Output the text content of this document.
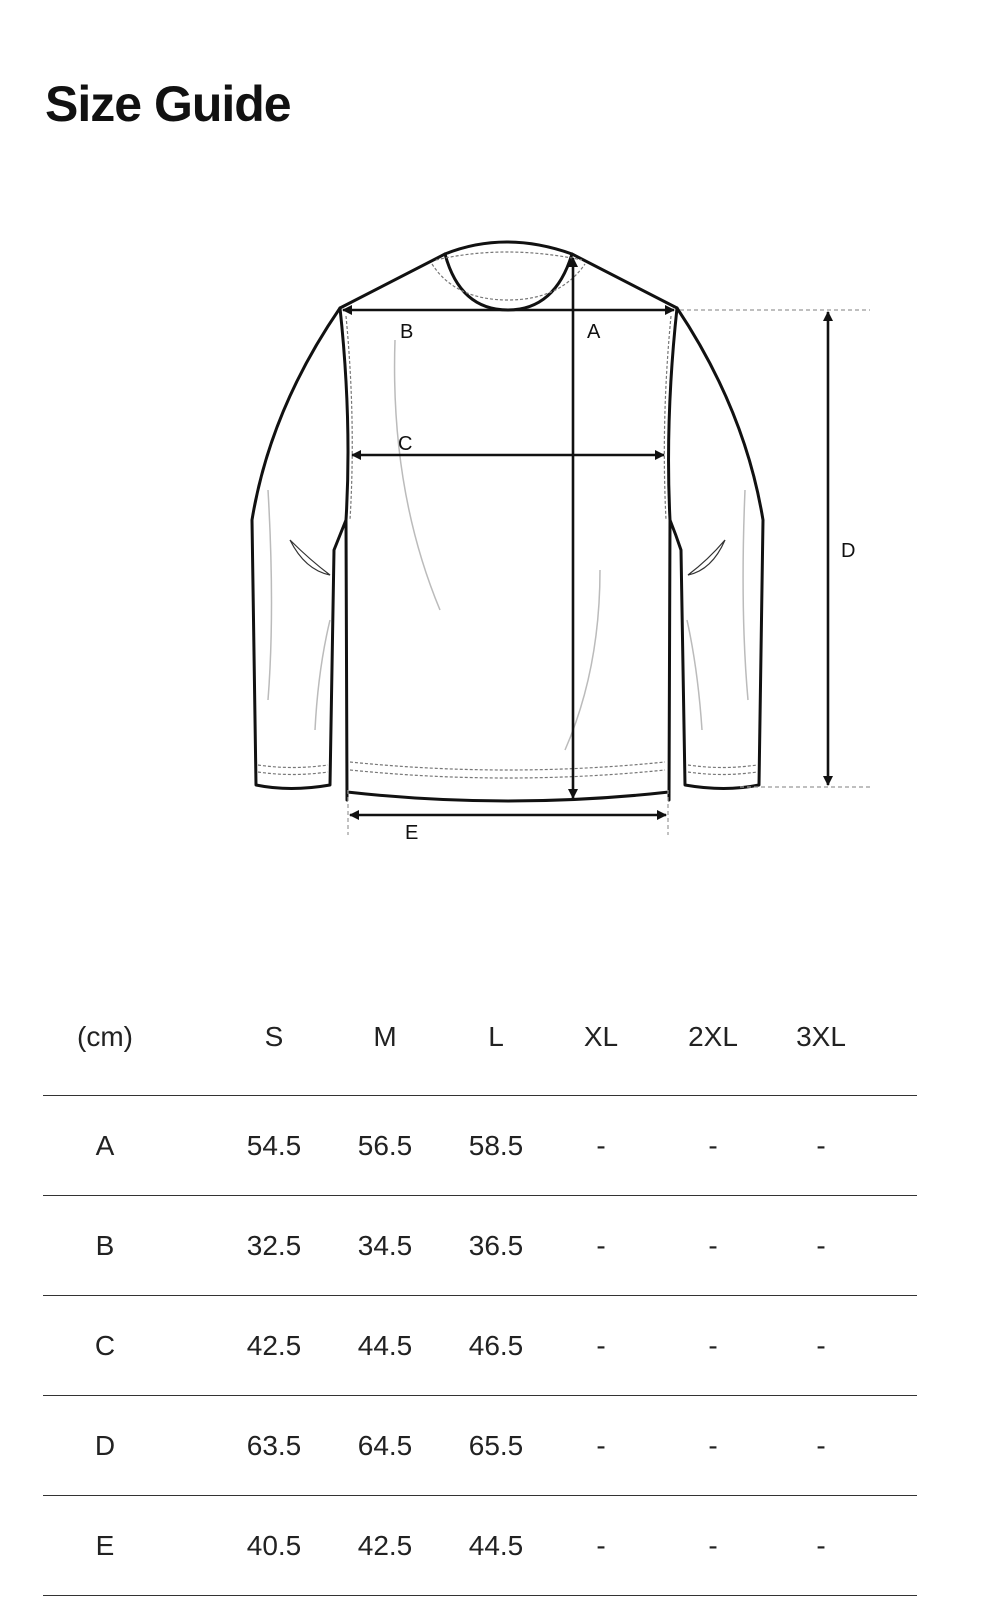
Size Guide
A
B
C
D
E
(cm)	S	M	L	XL	2XL	3XL
A	54.5	56.5	58.5	-	-	-
B	32.5	34.5	36.5	-	-	-
C	42.5	44.5	46.5	-	-	-
D	63.5	64.5	65.5	-	-	-
E	40.5	42.5	44.5	-	-	-
